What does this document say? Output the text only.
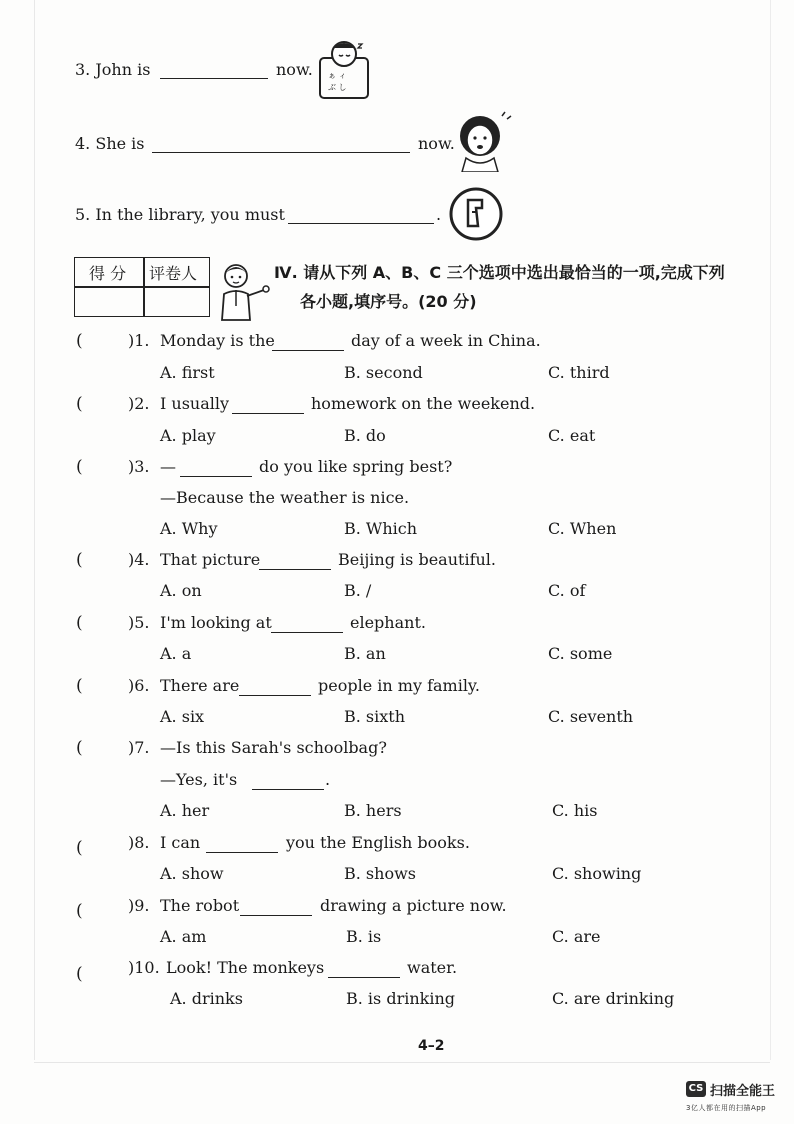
3. John is	now. ぁ ィ
ぶ し
4. She is	now.
5. In the library, you must	.
得 分 评卷人	Ⅳ. 请从下列 A、B、C 三个选项中选出最恰当的一项,完成下列
各小题,填序号。(20 分)
(	)1. Monday is the	day of a week in China.
A. first	B. second	C. third
(	)2. I usually	homework on the weekend.
A. play	B. do	C. eat
(	)3. —	do you like spring best?
—Because the weather is nice.
A. Why	B. Which	C. When
(	)4. That picture	Beijing is beautiful.
A. on	B. /	C. of
(	)5. I'm looking at	elephant.
A. a	B. an	C. some
(	)6. There are	people in my family.
A. six	B. sixth	C. seventh
(	)7. —Is this Sarah's schoolbag?
—Yes, it's	.
A. her	B. hers	C. his
(	)8. I can	you the English books.
A. show	B. shows	C. showing
(	)9. The robot	drawing a picture now.
A. am	B. is	C. are
(	)10. Look! The monkeys	water.
A. drinks	B. is drinking	C. are drinking
4–2
CS 扫描全能王
3亿人都在用的扫描App
